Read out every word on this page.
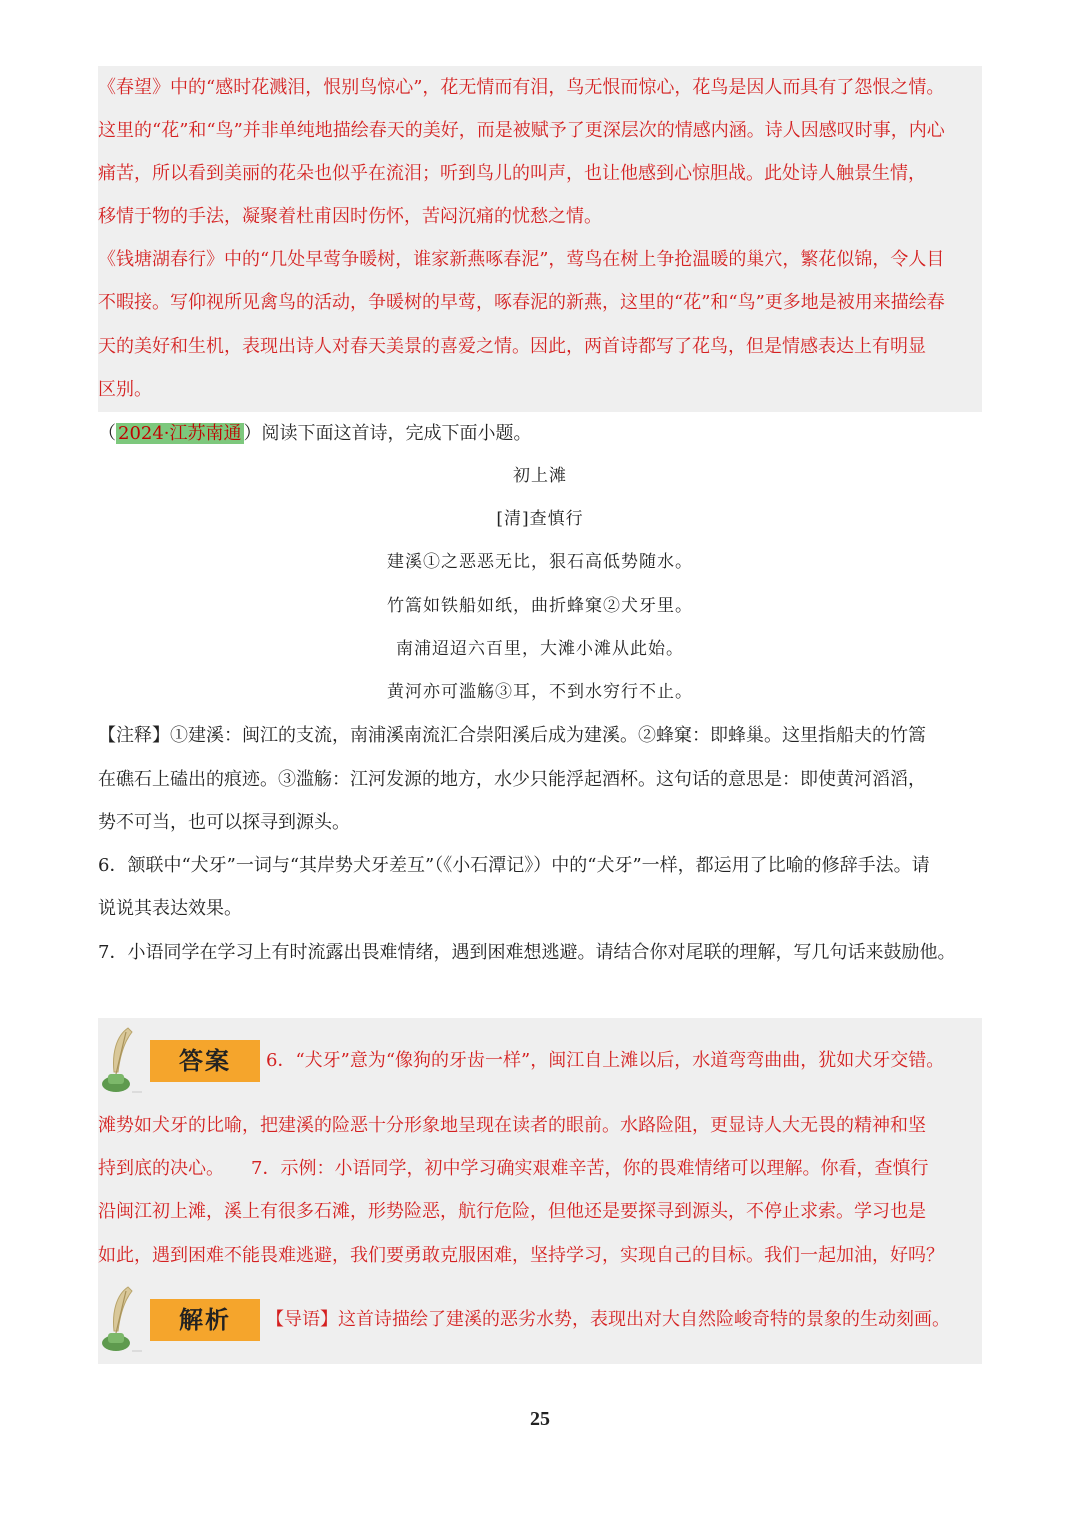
《春望》中的“感时花溅泪，恨别鸟惊心”，花无情而有泪，鸟无恨而惊心，花鸟是因人而具有了怨恨之情。
这里的“花”和“鸟”并非单纯地描绘春天的美好，而是被赋予了更深层次的情感内涵。诗人因感叹时事，内心
痛苦，所以看到美丽的花朵也似乎在流泪；听到鸟儿的叫声，也让他感到心惊胆战。此处诗人触景生情，
移情于物的手法，凝聚着杜甫因时伤怀，苦闷沉痛的忧愁之情。
《钱塘湖春行》中的“几处早莺争暖树，谁家新燕啄春泥”，莺鸟在树上争抢温暖的巢穴，繁花似锦，令人目
不暇接。写仰视所见禽鸟的活动，争暖树的早莺，啄春泥的新燕，这里的“花”和“鸟”更多地是被用来描绘春
天的美好和生机，表现出诗人对春天美景的喜爱之情。因此，两首诗都写了花鸟，但是情感表达上有明显
区别。
（ 2024·江苏南通 ）阅读下面这首诗，完成下面小题。
初上滩
[清]查慎行
建溪①之恶恶无比，狠石高低势随水。
竹篙如铁船如纸，曲折蜂窠②犬牙里。
南浦迢迢六百里，大滩小滩从此始。
黄河亦可滥觞③耳，不到水穷行不止。
【注释】①建溪：闽江的支流，南浦溪南流汇合崇阳溪后成为建溪。②蜂窠：即蜂巢。这里指船夫的竹篙
在礁石上磕出的痕迹。③滥觞：江河发源的地方，水少只能浮起酒杯。这句话的意思是：即使黄河滔滔，
势不可当，也可以探寻到源头。
6．颔联中“犬牙”一词与“其岸势犬牙差互”（《小石潭记》）中的“犬牙”一样，都运用了比喻的修辞手法。请
说说其表达效果。
7．小语同学在学习上有时流露出畏难情绪，遇到困难想逃避。请结合你对尾联的理解，写几句话来鼓励他。
答案	6．“犬牙”意为“像狗的牙齿一样”，闽江自上滩以后，水道弯弯曲曲，犹如犬牙交错。
滩势如犬牙的比喻，把建溪的险恶十分形象地呈现在读者的眼前。水路险阻，更显诗人大无畏的精神和坚
持到底的决心。　　7．示例：小语同学，初中学习确实艰难辛苦，你的畏难情绪可以理解。你看，查慎行
沿闽江初上滩，溪上有很多石滩，形势险恶，航行危险，但他还是要探寻到源头，不停止求索。学习也是
如此，遇到困难不能畏难逃避，我们要勇敢克服困难，坚持学习，实现自己的目标。我们一起加油，好吗？
解析	【导语】这首诗描绘了建溪的恶劣水势，表现出对大自然险峻奇特的景象的生动刻画。
25
